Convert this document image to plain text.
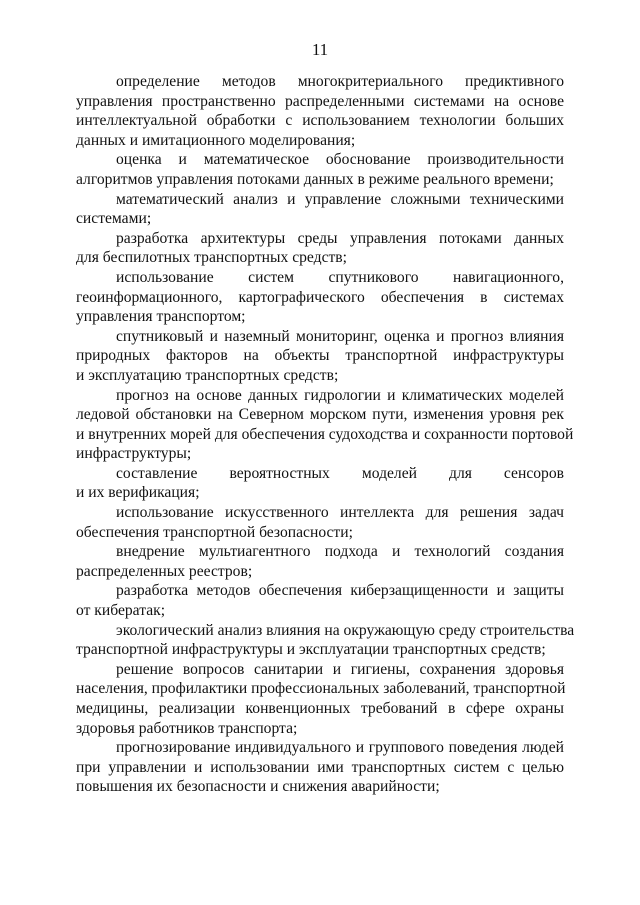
11
определение методов многокритериального предиктивного
управления пространственно распределенными системами на основе
интеллектуальной обработки с использованием технологии больших
данных и имитационного моделирования;
оценка и математическое обоснование производительности
алгоритмов управления потоками данных в режиме реального времени;
математический анализ и управление сложными техническими
системами;
разработка архитектуры среды управления потоками данных
для беспилотных транспортных средств;
использование систем спутникового навигационного,
геоинформационного, картографического обеспечения в системах
управления транспортом;
спутниковый и наземный мониторинг, оценка и прогноз влияния
природных факторов на объекты транспортной инфраструктуры
и эксплуатацию транспортных средств;
прогноз на основе данных гидрологии и климатических моделей
ледовой обстановки на Северном морском пути, изменения уровня рек
и внутренних морей для обеспечения судоходства и сохранности портовой
инфраструктуры;
составление вероятностных моделей для сенсоров
и их верификация;
использование искусственного интеллекта для решения задач
обеспечения транспортной безопасности;
внедрение мультиагентного подхода и технологий создания
распределенных реестров;
разработка методов обеспечения киберзащищенности и защиты
от кибератак;
экологический анализ влияния на окружающую среду строительства
транспортной инфраструктуры и эксплуатации транспортных средств;
решение вопросов санитарии и гигиены, сохранения здоровья
населения, профилактики профессиональных заболеваний, транспортной
медицины, реализации конвенционных требований в сфере охраны
здоровья работников транспорта;
прогнозирование индивидуального и группового поведения людей
при управлении и использовании ими транспортных систем с целью
повышения их безопасности и снижения аварийности;
